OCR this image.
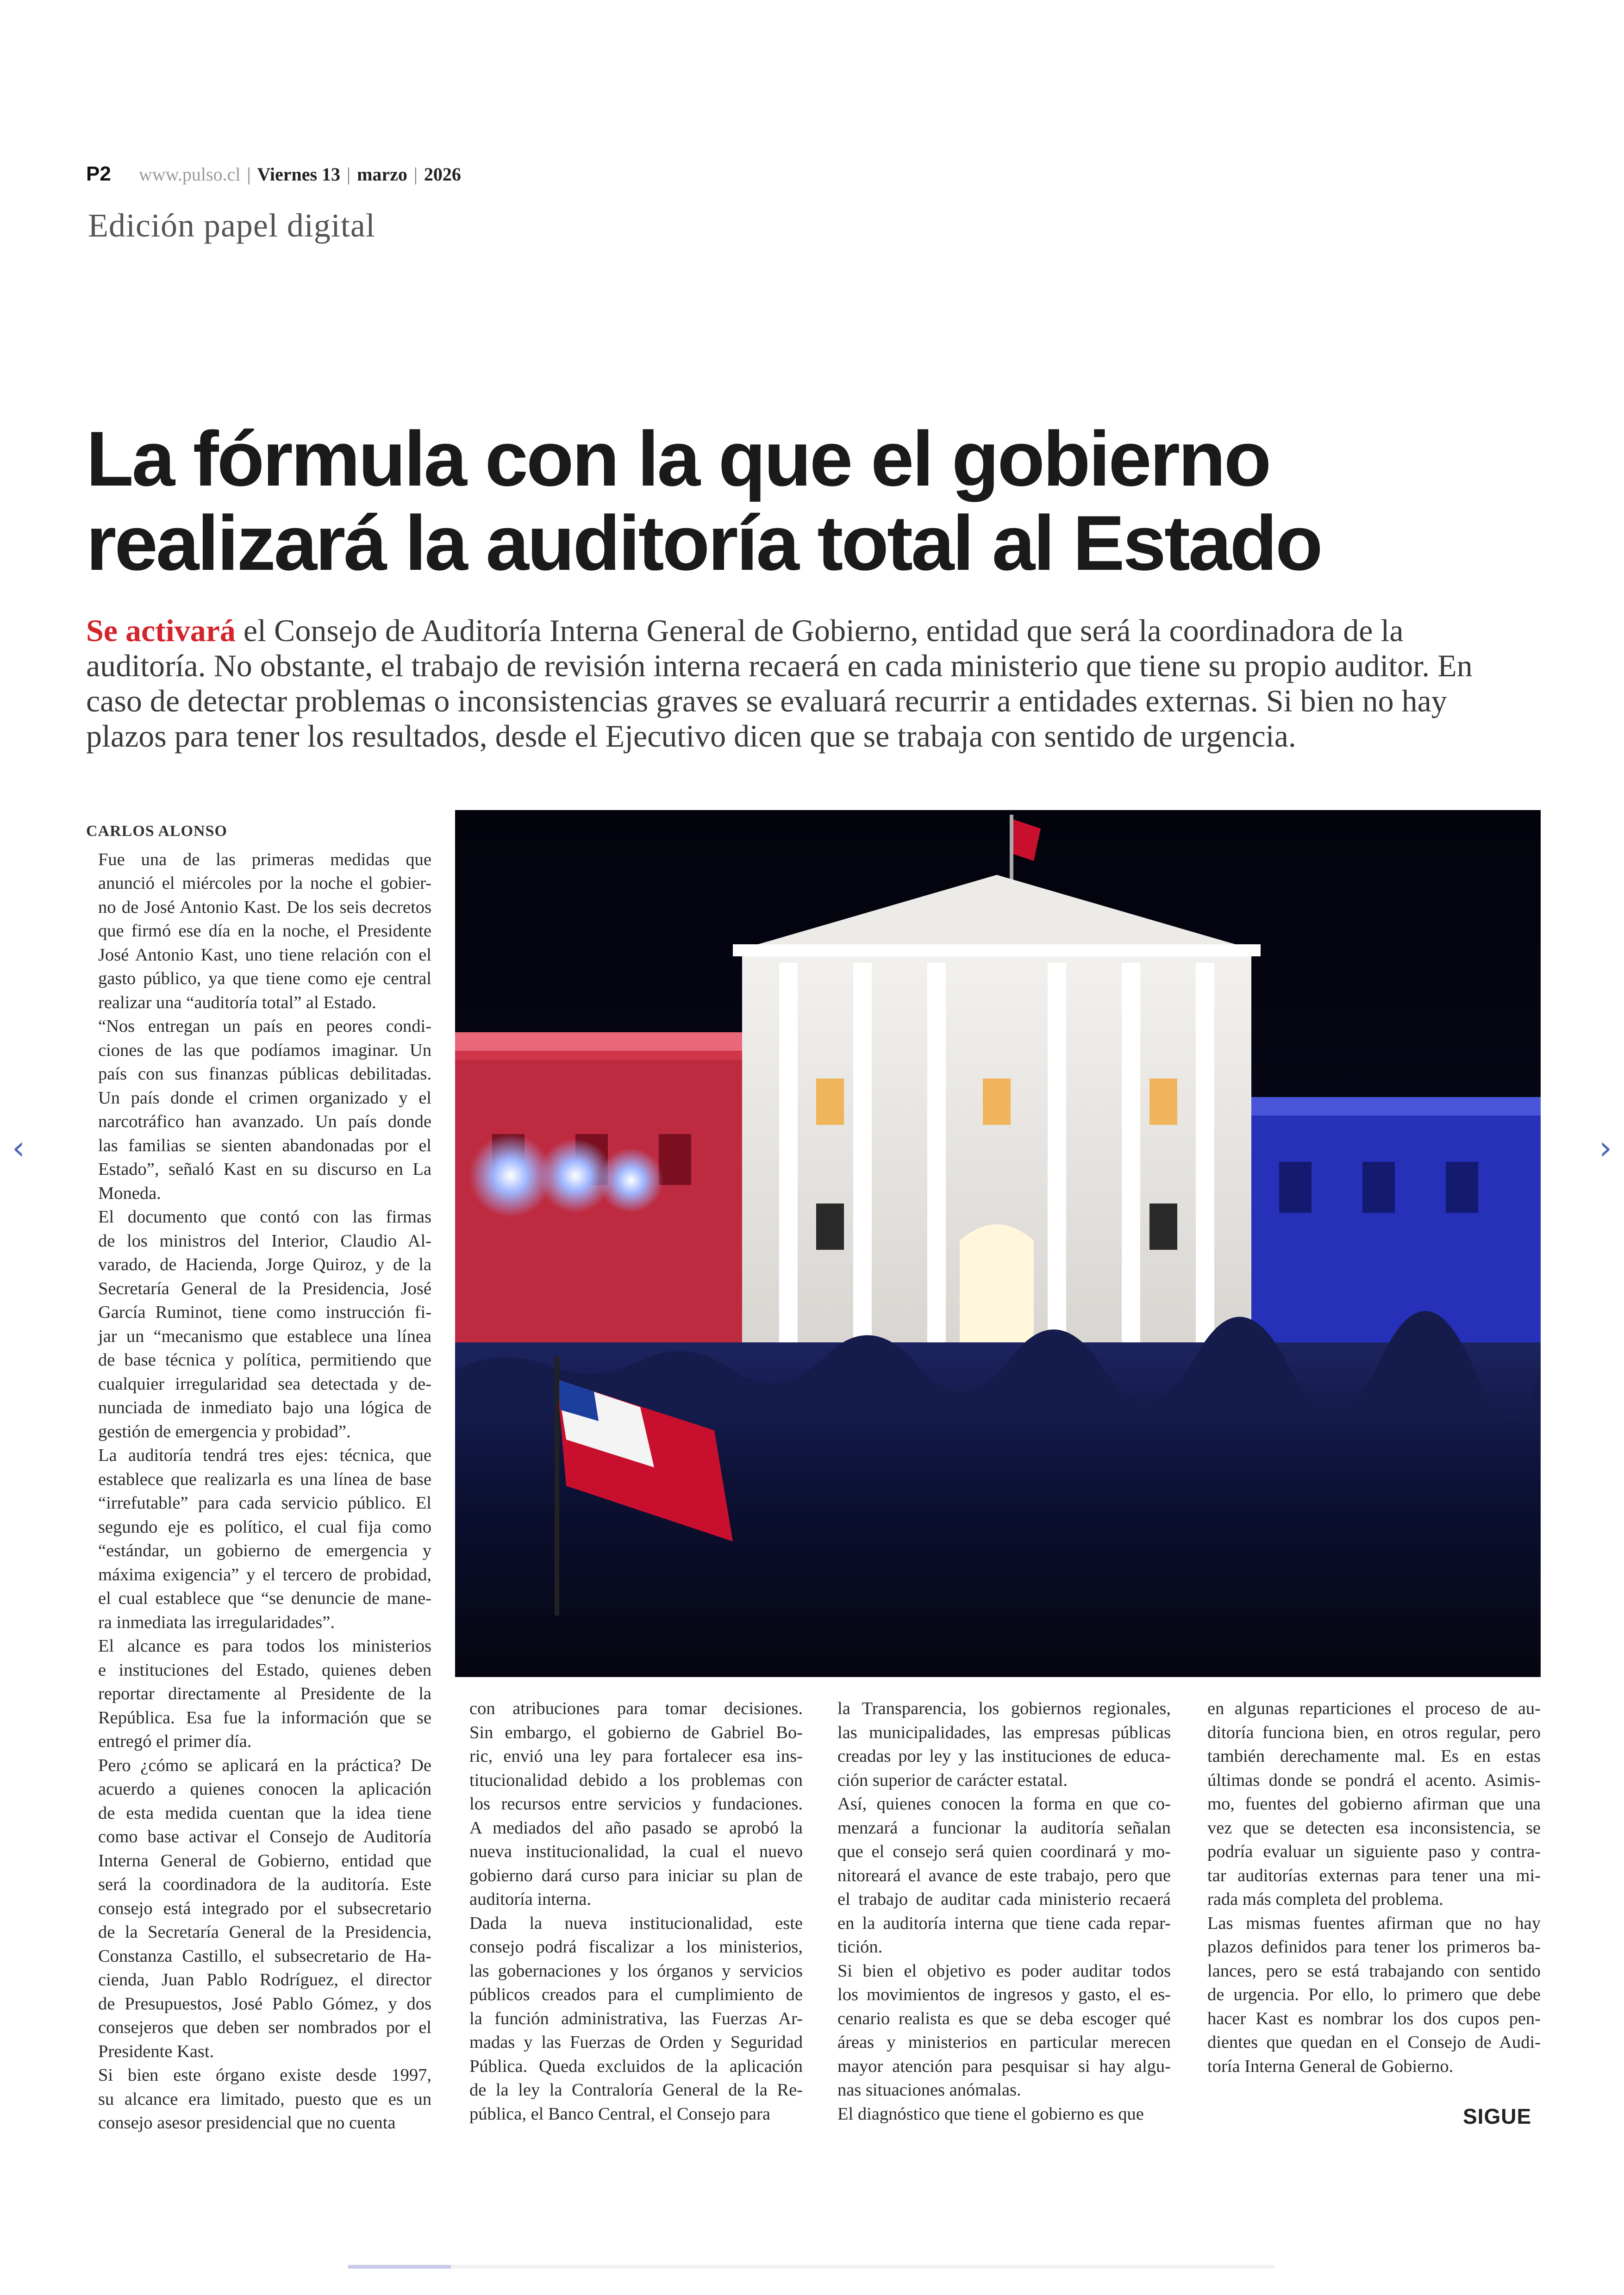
P2 www.pulso.cl | Viernes 13 | marzo | 2026
Edición papel digital
La fórmula con la que el gobierno
realizará la auditoría total al Estado
Se activará el Consejo de Auditoría Interna General de Gobierno, entidad que será la coordinadora de la
auditoría. No obstante, el trabajo de revisión interna recaerá en cada ministerio que tiene su propio auditor. En
caso de detectar problemas o inconsistencias graves se evaluará recurrir a entidades externas. Si bien no hay
plazos para tener los resultados, desde el Ejecutivo dicen que se trabaja con sentido de urgencia.
CARLOS ALONSO

Fue una de las primeras medidas que
anunció el miércoles por la noche el gobier-
no de José Antonio Kast. De los seis decretos
que firmó ese día en la noche, el Presidente
José Antonio Kast, uno tiene relación con el
gasto público, ya que tiene como eje central
realizar una “auditoría total” al Estado.

“Nos entregan un país en peores condi-
ciones de las que podíamos imaginar. Un
país con sus finanzas públicas debilitadas.
Un país donde el crimen organizado y el
narcotráfico han avanzado. Un país donde
las familias se sienten abandonadas por el
Estado”, señaló Kast en su discurso en La
Moneda.

El documento que contó con las firmas
de los ministros del Interior, Claudio Al-
varado, de Hacienda, Jorge Quiroz, y de la
Secretaría General de la Presidencia, José
García Ruminot, tiene como instrucción fi-
jar un “mecanismo que establece una línea
de base técnica y política, permitiendo que
cualquier irregularidad sea detectada y de-
nunciada de inmediato bajo una lógica de
gestión de emergencia y probidad”.

La auditoría tendrá tres ejes: técnica, que
establece que realizarla es una línea de base
“irrefutable” para cada servicio público. El
segundo eje es político, el cual fija como
“estándar, un gobierno de emergencia y
máxima exigencia” y el tercero de probidad,
el cual establece que “se denuncie de mane-
ra inmediata las irregularidades”.

El alcance es para todos los ministerios
e instituciones del Estado, quienes deben
reportar directamente al Presidente de la
República. Esa fue la información que se
entregó el primer día.

Pero ¿cómo se aplicará en la práctica? De
acuerdo a quienes conocen la aplicación
de esta medida cuentan que la idea tiene
como base activar el Consejo de Auditoría
Interna General de Gobierno, entidad que
será la coordinadora de la auditoría. Este
consejo está integrado por el subsecretario
de la Secretaría General de la Presidencia,
Constanza Castillo, el subsecretario de Ha-
cienda, Juan Pablo Rodríguez, el director
de Presupuestos, José Pablo Gómez, y dos
consejeros que deben ser nombrados por el
Presidente Kast.

Si bien este órgano existe desde 1997,
su alcance era limitado, puesto que es un
consejo asesor presidencial que no cuenta

con atribuciones para tomar decisiones.
Sin embargo, el gobierno de Gabriel Bo-
ric, envió una ley para fortalecer esa ins-
titucionalidad debido a los problemas con
los recursos entre servicios y fundaciones.
A mediados del año pasado se aprobó la
nueva institucionalidad, la cual el nuevo
gobierno dará curso para iniciar su plan de
auditoría interna.

Dada la nueva institucionalidad, este
consejo podrá fiscalizar a los ministerios,
las gobernaciones y los órganos y servicios
públicos creados para el cumplimiento de
la función administrativa, las Fuerzas Ar-
madas y las Fuerzas de Orden y Seguridad
Pública. Queda excluidos de la aplicación
de la ley la Contraloría General de la Re-
pública, el Banco Central, el Consejo para

la Transparencia, los gobiernos regionales,
las municipalidades, las empresas públicas
creadas por ley y las instituciones de educa-
ción superior de carácter estatal.

Así, quienes conocen la forma en que co-
menzará a funcionar la auditoría señalan
que el consejo será quien coordinará y mo-
nitoreará el avance de este trabajo, pero que
el trabajo de auditar cada ministerio recaerá
en la auditoría interna que tiene cada repar-
tición.

Si bien el objetivo es poder auditar todos
los movimientos de ingresos y gasto, el es-
cenario realista es que se deba escoger qué
áreas y ministerios en particular merecen
mayor atención para pesquisar si hay algu-
nas situaciones anómalas.

El diagnóstico que tiene el gobierno es que

en algunas reparticiones el proceso de au-
ditoría funciona bien, en otros regular, pero
también derechamente mal. Es en estas
últimas donde se pondrá el acento. Asimis-
mo, fuentes del gobierno afirman que una
vez que se detecten esa inconsistencia, se
podría evaluar un siguiente paso y contra-
tar auditorías externas para tener una mi-
rada más completa del problema.

Las mismas fuentes afirman que no hay
plazos definidos para tener los primeros ba-
lances, pero se está trabajando con sentido
de urgencia. Por ello, lo primero que debe
hacer Kast es nombrar los dos cupos pen-
dientes que quedan en el Consejo de Audi-
toría Interna General de Gobierno.

SIGUE
‹	›
